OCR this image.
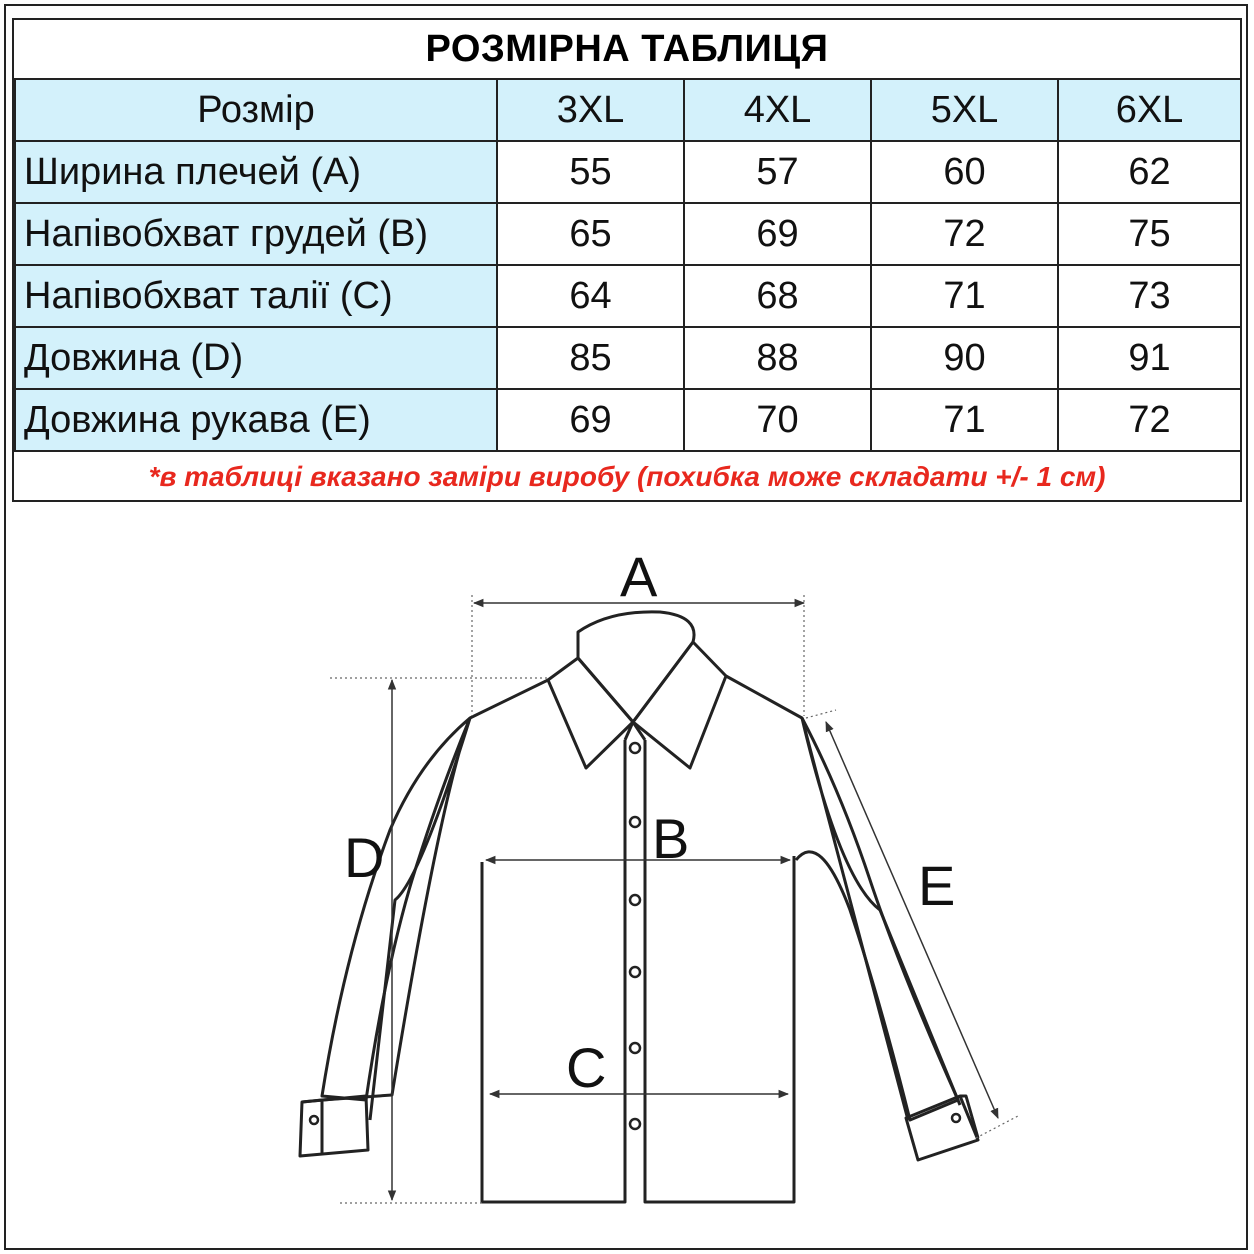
РОЗМІРНА ТАБЛИЦЯ
Розмір	3XL	4XL	5XL	6XL
Ширина плечей (А)	55	57	60	62
Напівобхват грудей (В)	65	69	72	75
Напівобхват талії (С)	64	68	71	73
Довжина (D)	85	88	90	91
Довжина рукава (Е)	69	70	71	72
*в таблиці вказано заміри виробу (похибка може складати +/- 1 см)
A
B
C
D	E
